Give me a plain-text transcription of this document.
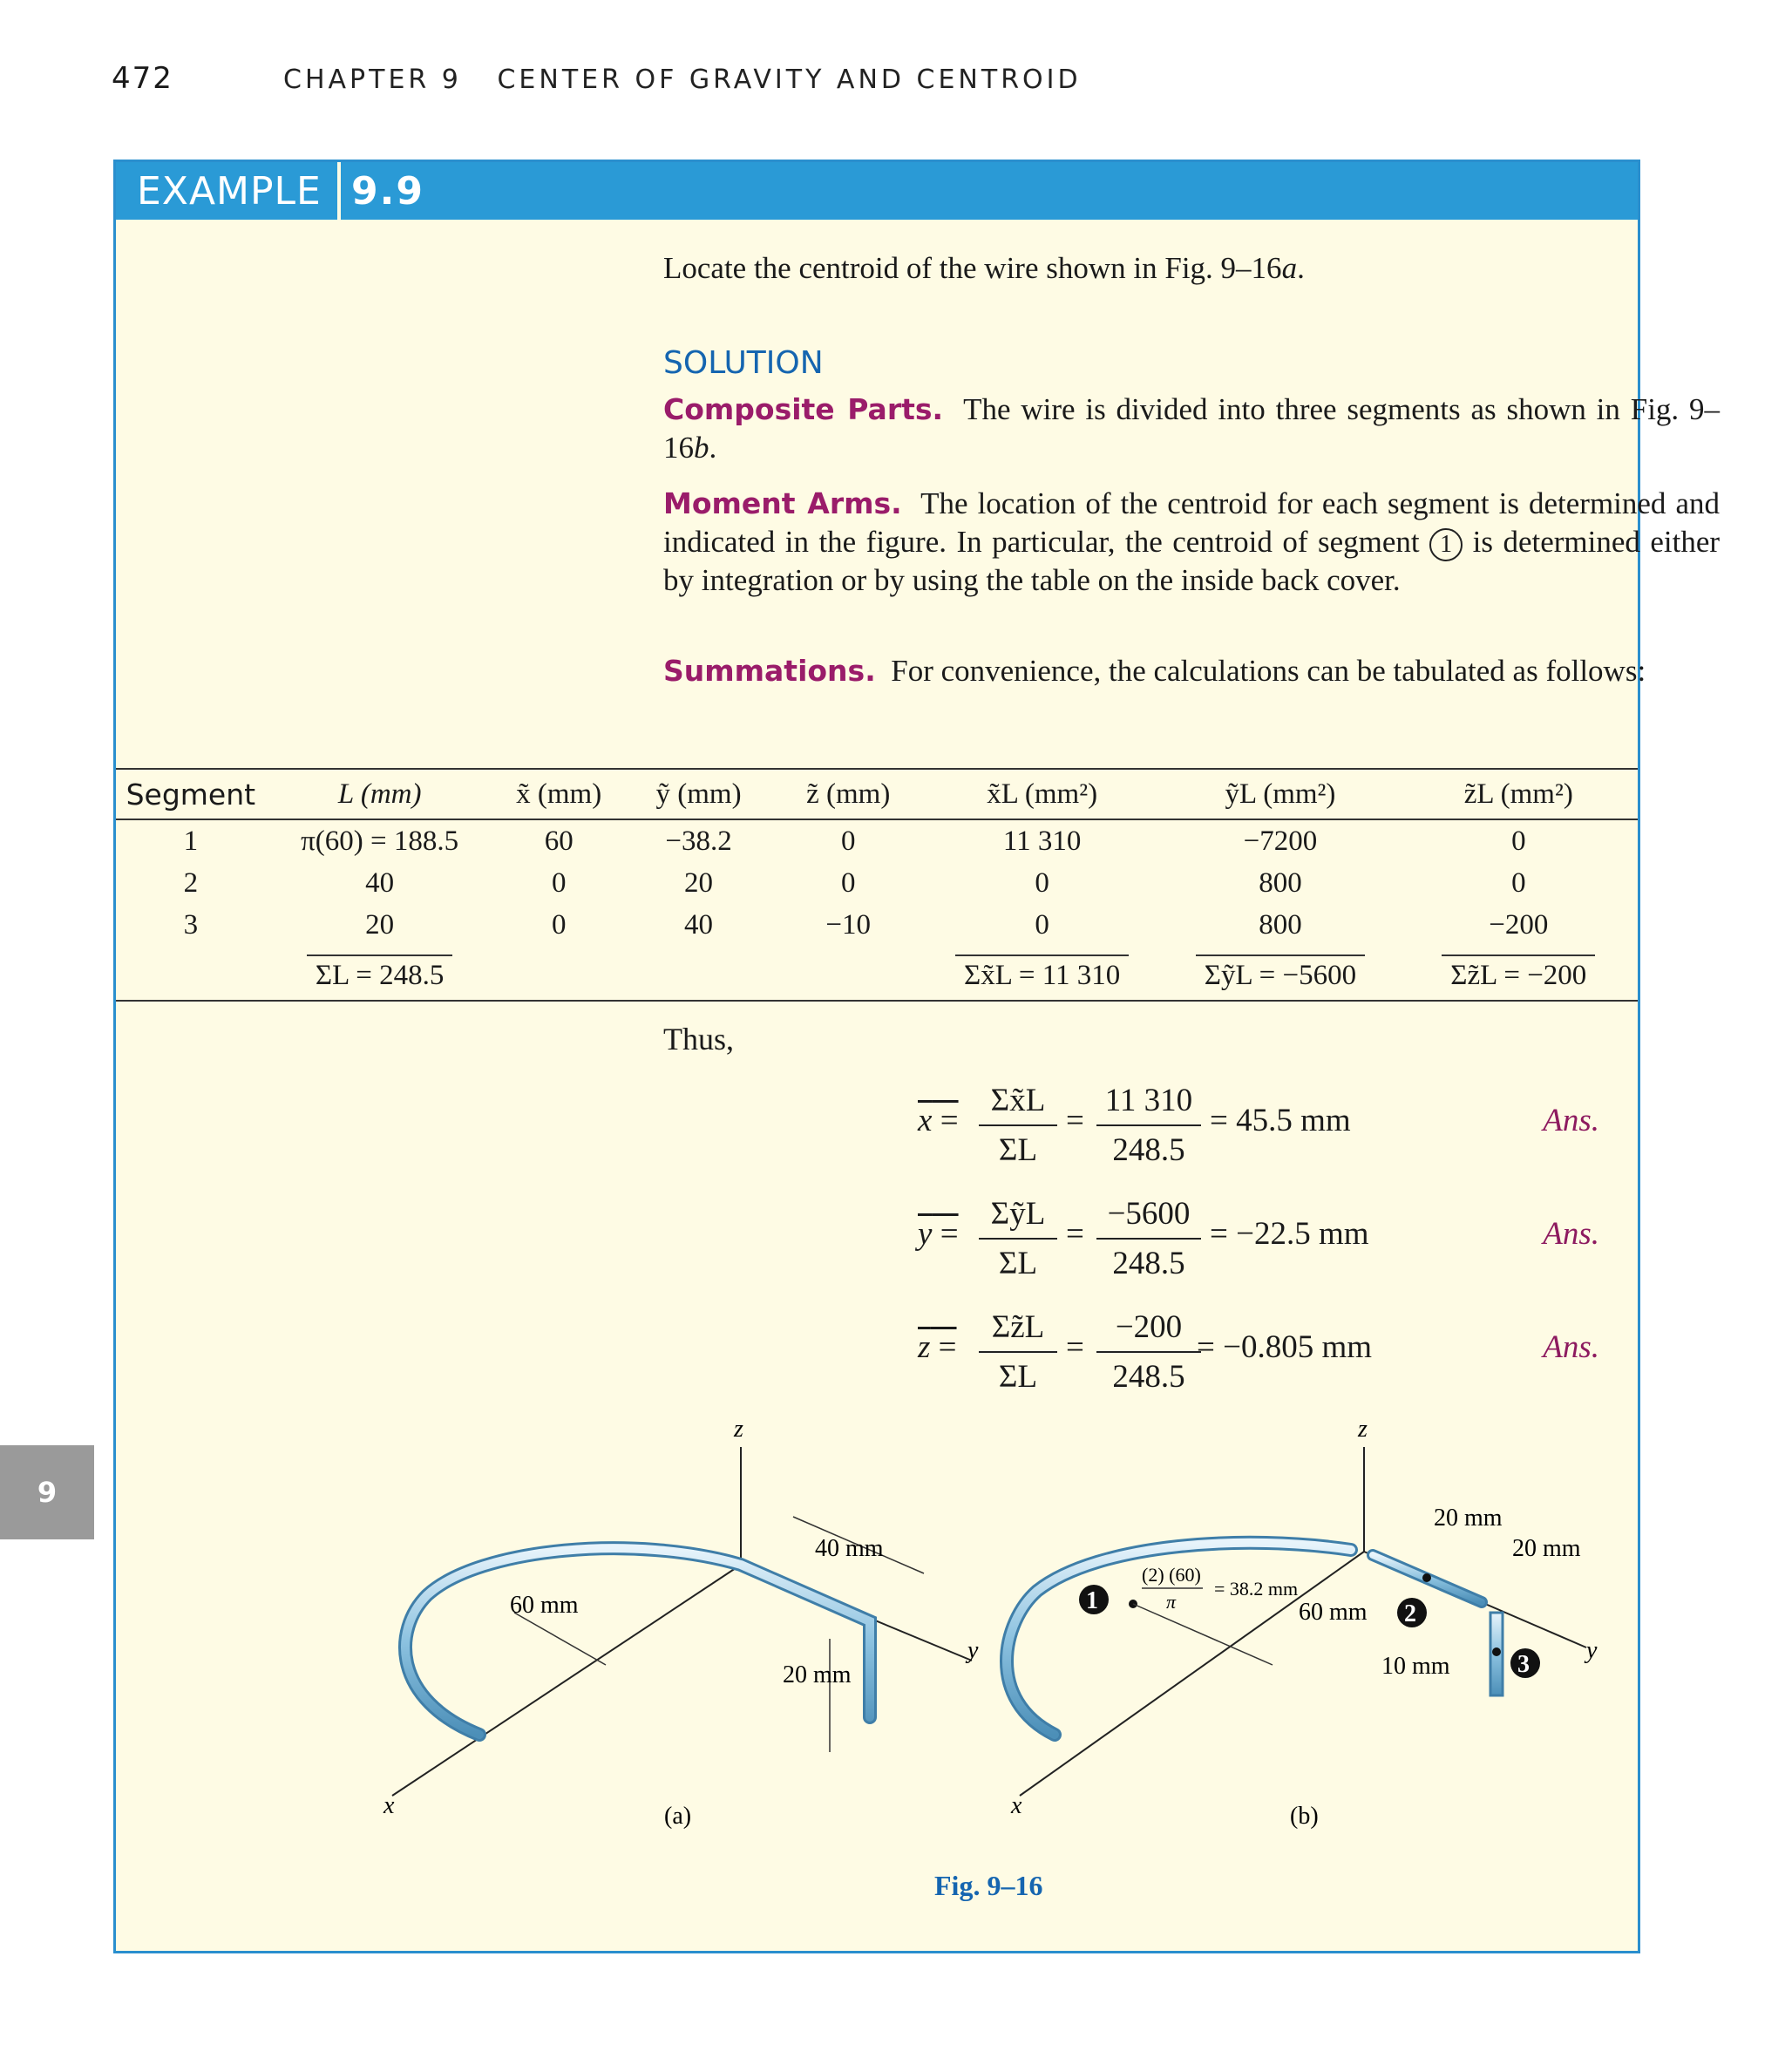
472	CHAPTER 9 CENTER OF GRAVITY AND CENTROID
9
EXAMPLE 9.9
Locate the centroid of the wire shown in Fig. 9–16a.
SOLUTION
Composite Parts. The wire is divided into three segments as shown in Fig. 9–16b.
Moment Arms. The location of the centroid for each segment is determined and indicated in the figure. In particular, the centroid of segment 1 is determined either by integration or by using the table on the inside back cover.
Summations. For convenience, the calculations can be tabulated as follows:
Segment	L (mm)	x̃ (mm)	ỹ (mm)	z̃ (mm)	x̃L (mm²)	ỹL (mm²)	z̃L (mm²)
1	π(60) = 188.5	60	−38.2	0	11 310	−7200	0
2	40	0	20	0	0	800	0
3	20	0	40	−10	0	800	−200
	ΣL = 248.5				Σx̃L = 11 310	ΣỹL = −5600	Σz̃L = −200
Thus,
$x = \frac{\Sigma x̃L}{\Sigma L} = \frac{11 310}{248.5} = 45.5$ mm	Ans.
y =
ΣỹL
ΣL
= $\frac{-5600}{248.5} = -22.5$ mm	Ans.
$z = \frac{\Sigma z̃L}{\Sigma L} = \frac{-200}{248.5}$
= −0.805 mm	Ans.
z
x
y
60 mm
40 mm
20 mm
(a)
z
x
y
1	2
3
(2) (60)
π
= 38.2 mm
60 mm
20 mm
20 mm
10 mm
(b)
Fig. 9–16
